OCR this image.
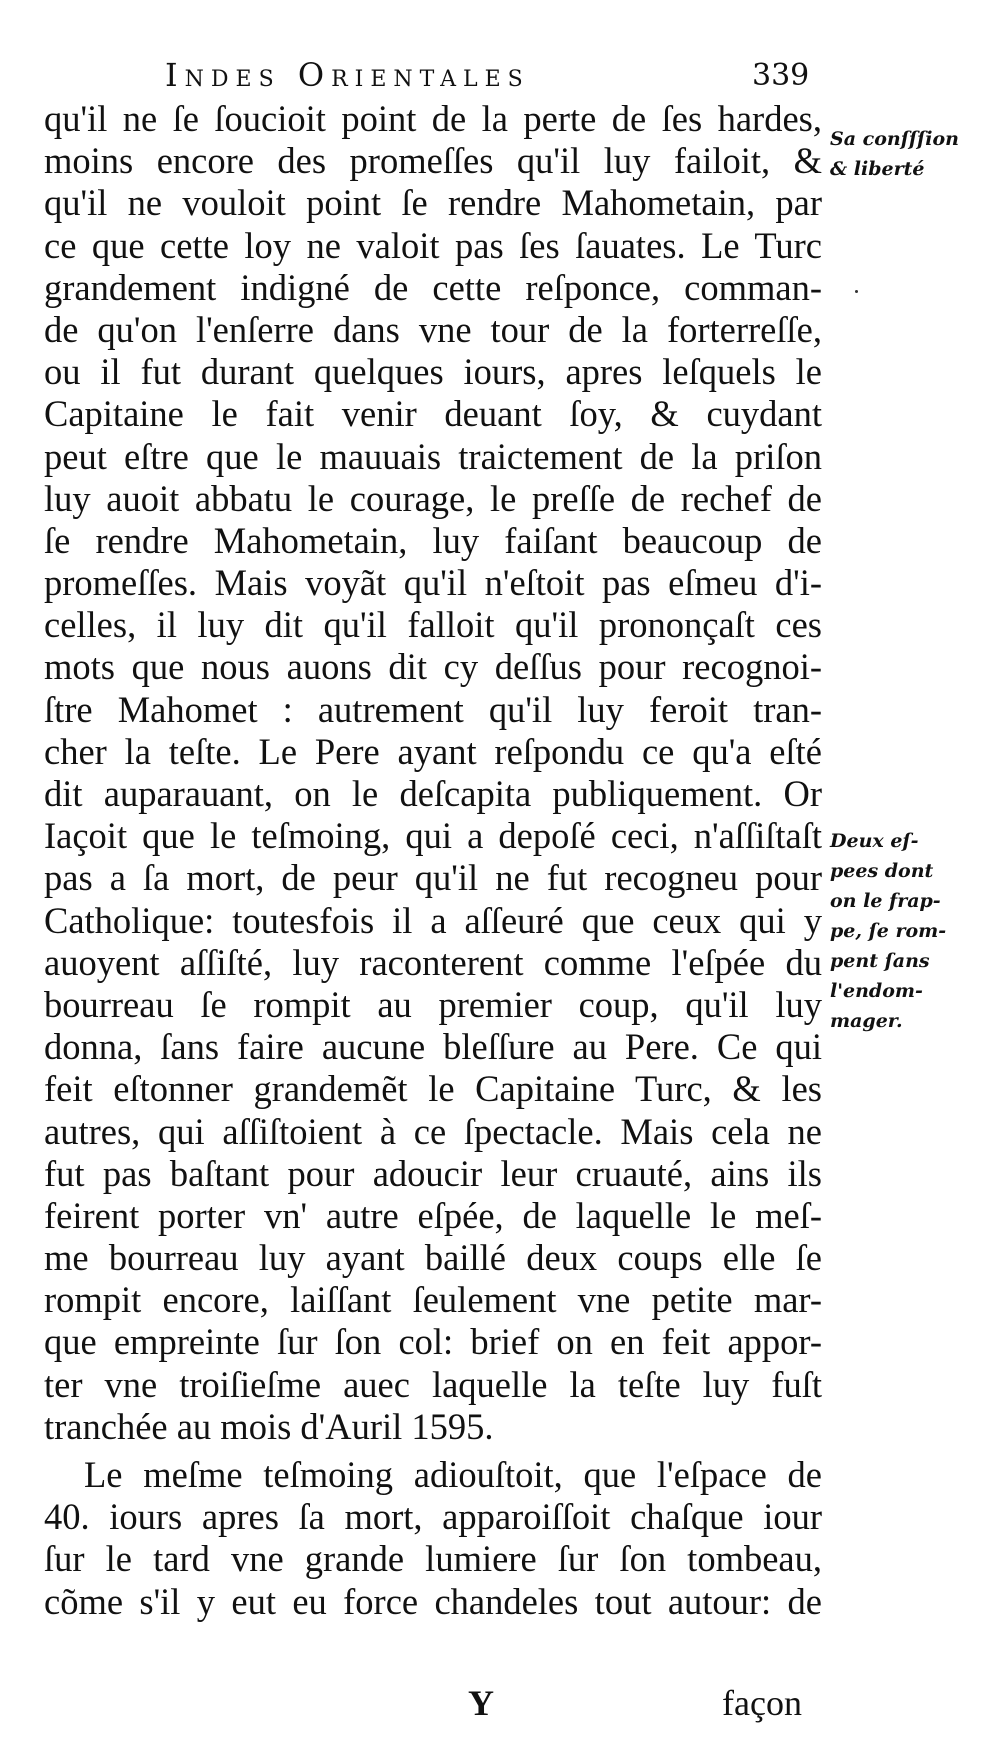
Indes Orientales	339
qu'il ne ſe ſoucioit point de la perte de ſes hardes,
moins encore des promeſſes qu'il luy failoit, &
qu'il ne vouloit point ſe rendre Mahometain, par
ce que cette loy ne valoit pas ſes ſauates. Le Turc
grandement indigné de cette reſponce, comman-
de qu'on l'enſerre dans vne tour de la forterreſſe,
ou il fut durant quelques iours, apres leſquels le
Capitaine le fait venir deuant ſoy, & cuydant
peut eſtre que le mauuais traictement de la priſon
luy auoit abbatu le courage, le preſſe de rechef de
ſe rendre Mahometain, luy faiſant beaucoup de
promeſſes. Mais voyãt qu'il n'eſtoit pas eſmeu d'i-
celles, il luy dit qu'il falloit qu'il prononçaſt ces
mots que nous auons dit cy deſſus pour recognoi-
ſtre Mahomet : autrement qu'il luy feroit tran-
cher la teſte. Le Pere ayant reſpondu ce qu'a eſté
dit auparauant, on le deſcapita publiquement. Or
Iaçoit que le teſmoing, qui a depoſé ceci, n'aſſiſtaſt
pas a ſa mort, de peur qu'il ne fut recogneu pour
Catholique: toutesfois il a aſſeuré que ceux qui y
auoyent aſſiſté, luy raconterent comme l'eſpée du
bourreau ſe rompit au premier coup, qu'il luy
donna, ſans faire aucune bleſſure au Pere. Ce qui
feit eſtonner grandemẽt le Capitaine Turc, & les
autres, qui aſſiſtoient à ce ſpectacle. Mais cela ne
fut pas baſtant pour adoucir leur cruauté, ains ils
feirent porter vn' autre eſpée, de laquelle le meſ-
me bourreau luy ayant baillé deux coups elle ſe
rompit encore, laiſſant ſeulement vne petite mar-
que empreinte ſur ſon col: brief on en feit appor-
ter vne troiſieſme auec laquelle la teſte luy fuſt
tranchée au mois d'Auril 1595.
Le meſme teſmoing adiouſtoit, que l'eſpace de
40. iours apres ſa mort, apparoiſſoit chaſque iour
ſur le tard vne grande lumiere ſur ſon tombeau,
cõme s'il y eut eu force chandeles tout autour: de
Sa conſſſion
& liberté
Deux eſ-
pees dont
on le frap-
pe, ſe rom-
pent ſans
l'endom-
mager.
Y	façon
